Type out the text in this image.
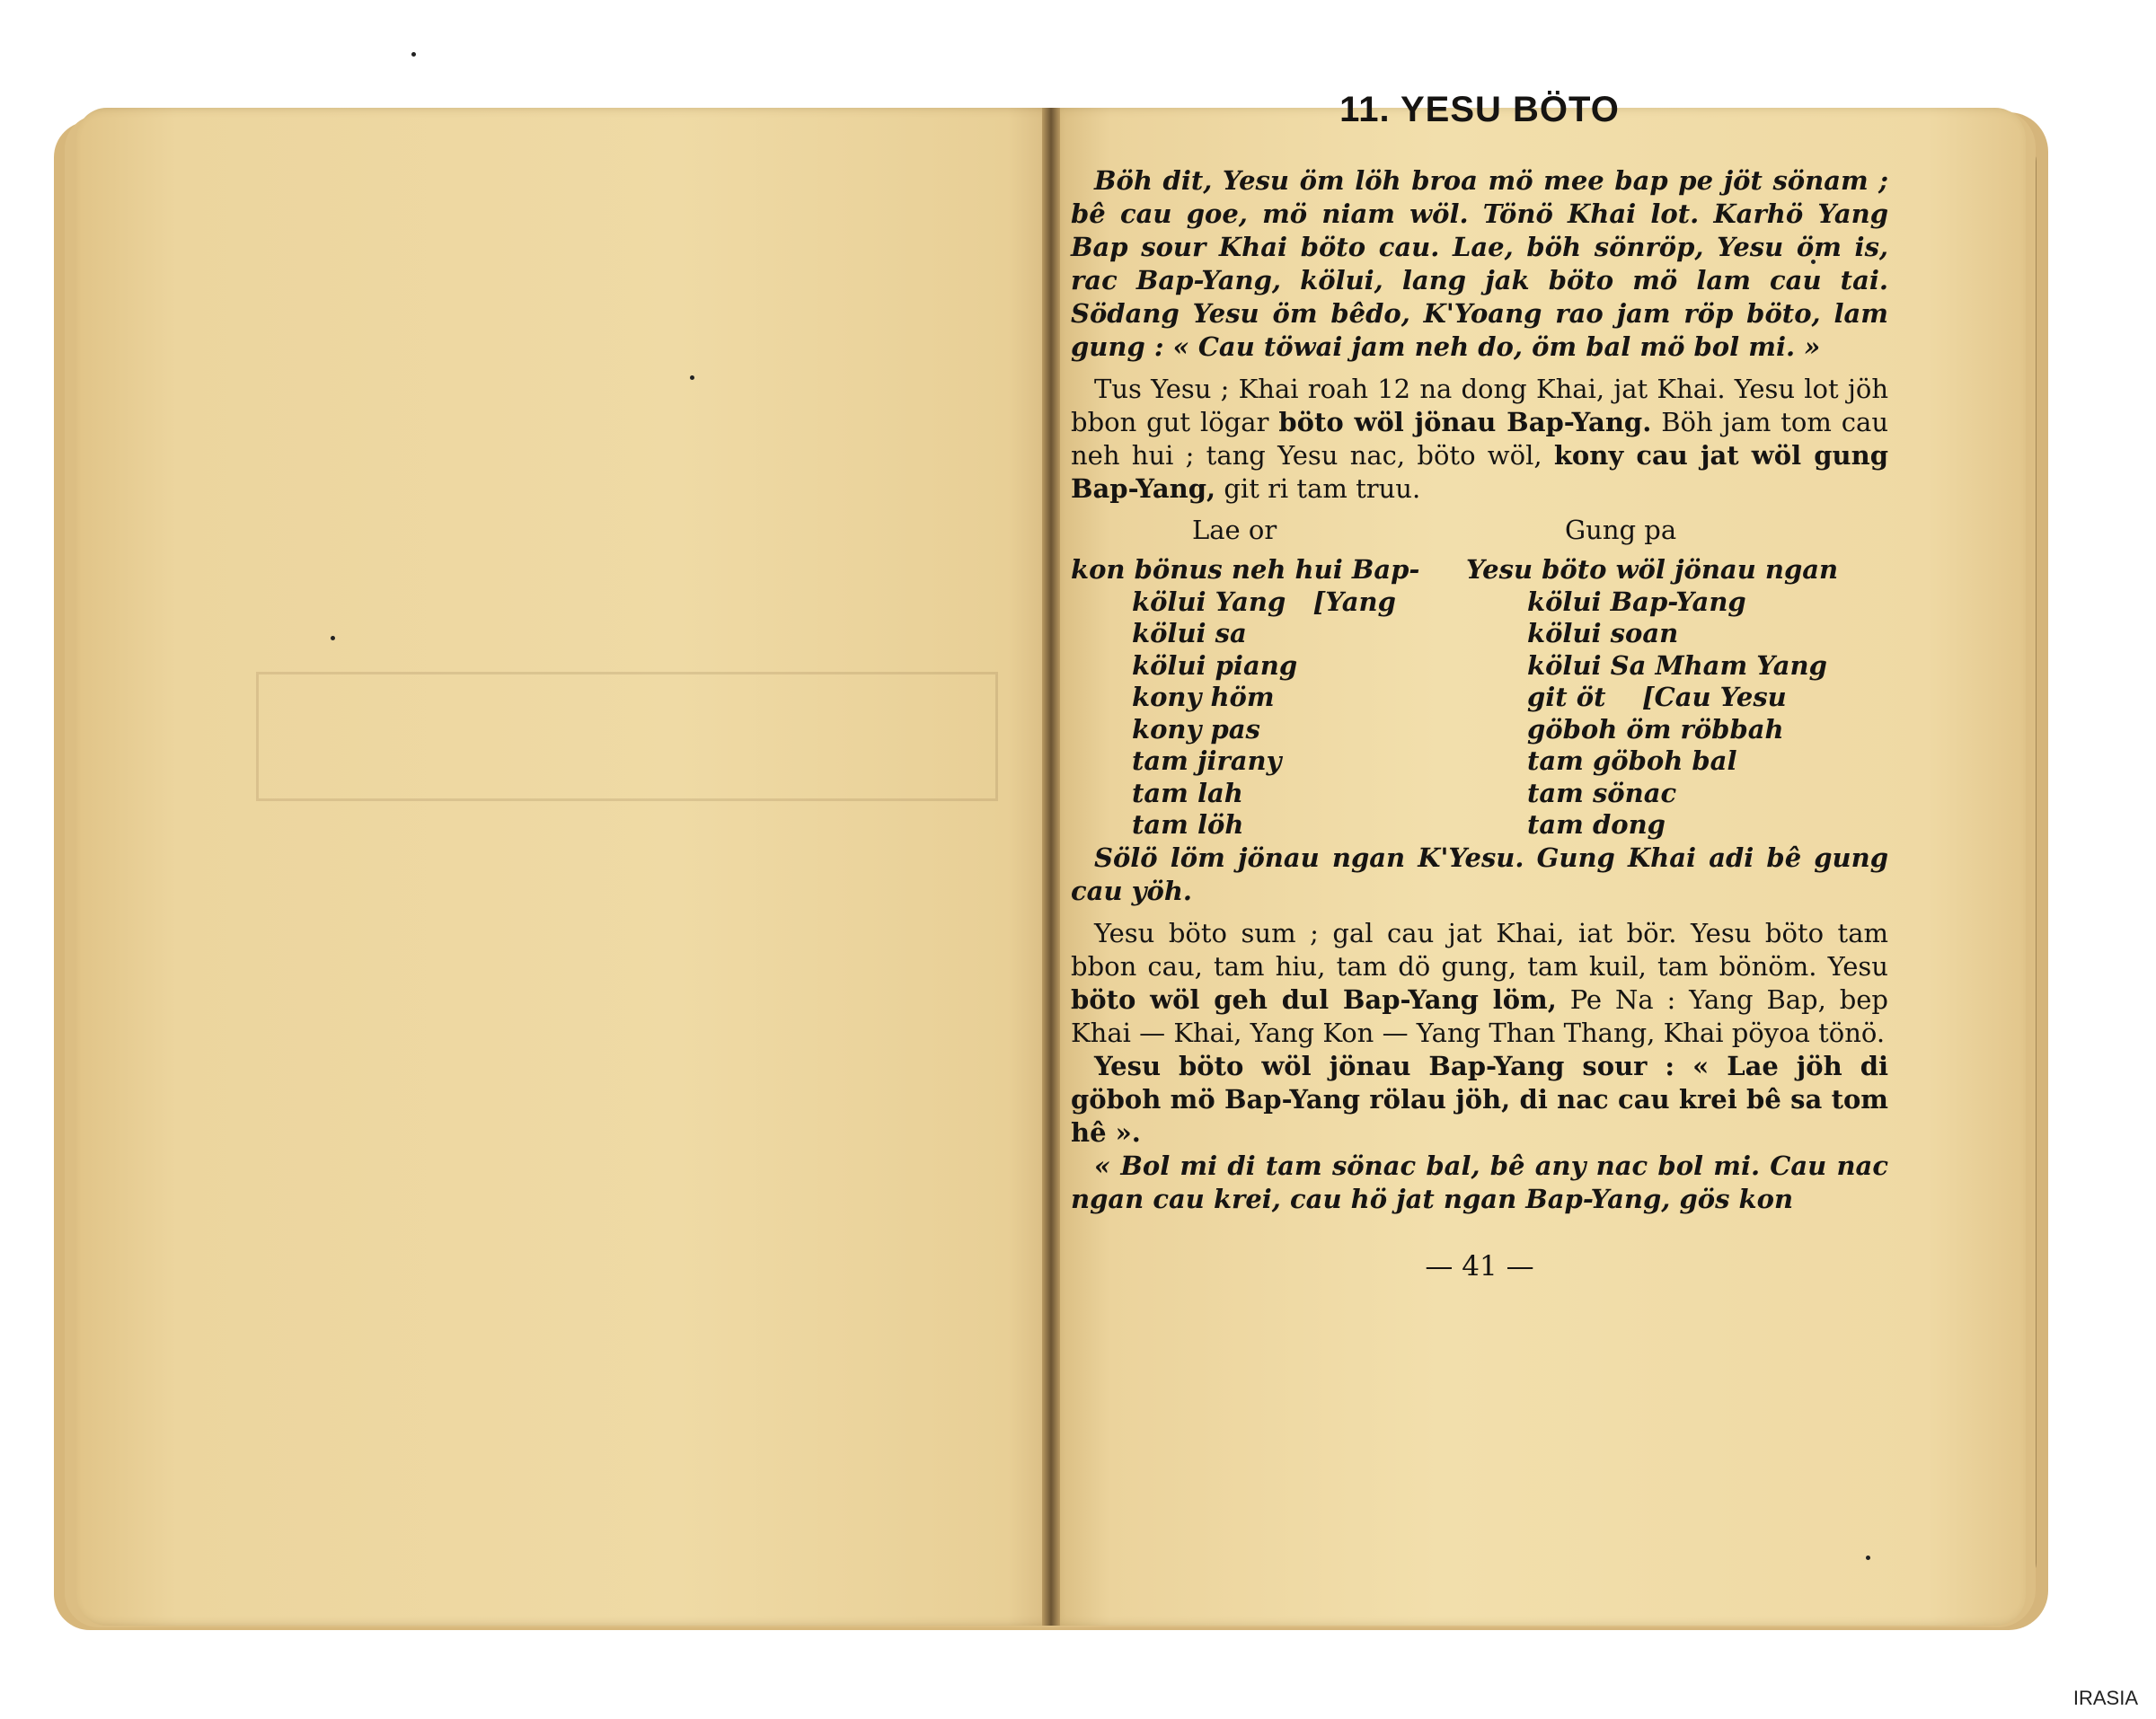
11. YESU BÖTO

Böh dit, Yesu öm löh broa mö mee bap pe jöt sönam ; bê cau goe, mö niam wöl. Tönö Khai lot. Karhö Yang Bap sour Khai böto cau. Lae, böh sönröp, Yesu öm is, rac Bap-Yang, kölui, lang jak böto mö lam cau tai. Södang Yesu öm bêdo, K'Yoang rao jam röp böto, lam gung : « Cau töwai jam neh do, öm bal mö bol mi. »

Tus Yesu ; Khai roah 12 na dong Khai, jat Khai. Yesu lot jöh bbon gut lögar böto wöl jönau Bap-Yang. Böh jam tom cau neh hui ; tang Yesu nac, böto wöl, kony cau jat wöl gung Bap-Yang, git ri tam truu.

Lae or	Gung pa
kon bönus neh hui Bap-
kölui Yang   [Yang
kölui sa
kölui piang
kony höm
kony pas
tam jirany
tam lah
tam löh
Yesu böto wöl jönau ngan
kölui Bap-Yang
kölui soan
kölui Sa Mham Yang
git öt    [Cau Yesu
göboh öm röbbah
tam göboh bal
tam sönac
tam dong

Sölö löm jönau ngan K'Yesu. Gung Khai adi bê gung cau yöh.

Yesu böto sum ; gal cau jat Khai, iat bör. Yesu böto tam bbon cau, tam hiu, tam dö gung, tam kuil, tam bönöm. Yesu böto wöl geh dul Bap-Yang löm, Pe Na : Yang Bap, bep Khai — Khai, Yang Kon — Yang Than Thang, Khai pöyoa tönö.

Yesu böto wöl jönau Bap-Yang sour : « Lae jöh di göboh mö Bap-Yang rölau jöh, di nac cau krei bê sa tom hê ».

« Bol mi di tam sönac bal, bê any nac bol mi. Cau nac ngan cau krei, cau hö jat ngan Bap-Yang, gös kon

— 41 —
IRASIA
